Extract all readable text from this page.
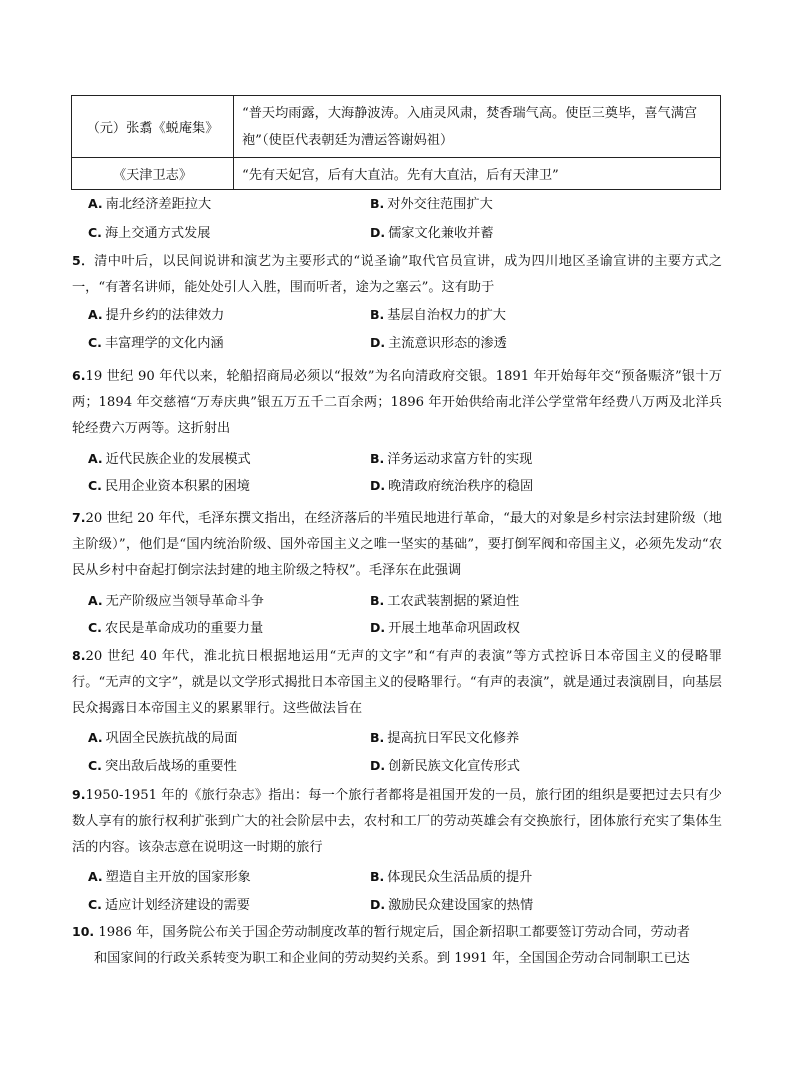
（元）张翥《蜕庵集》	“普天均雨露，大海静波涛。入庙灵风肃，焚香瑞气高。使臣三奠毕，喜气满宫袍”（使臣代表朝廷为漕运答谢妈祖）
《天津卫志》	“先有天妃宫，后有大直沽。先有大直沽，后有天津卫”
A. 南北经济差距拉大	B. 对外交往范围扩大
C. 海上交通方式发展	D. 儒家文化兼收并蓄
5．清中叶后，以民间说讲和演艺为主要形式的“说圣谕”取代官员宣讲，成为四川地区圣谕宣讲的主要方式之一，“有著名讲师，能处处引人入胜，围而听者，途为之塞云”。这有助于
A. 提升乡约的法律效力	B. 基层自治权力的扩大
C. 丰富理学的文化内涵	D. 主流意识形态的渗透
6.19 世纪 90 年代以来，轮船招商局必须以“报效”为名向清政府交银。1891 年开始每年交“预备赈济”银十万两；1894 年交慈禧“万寿庆典”银五万五千二百余两；1896 年开始供给南北洋公学堂常年经费八万两及北洋兵轮经费六万两等。这折射出
A. 近代民族企业的发展模式	B. 洋务运动求富方针的实现
C. 民用企业资本积累的困境	D. 晚清政府统治秩序的稳固
7.20 世纪 20 年代，毛泽东撰文指出，在经济落后的半殖民地进行革命，“最大的对象是乡村宗法封建阶级（地主阶级）”，他们是“国内统治阶级、国外帝国主义之唯一坚实的基础”，要打倒军阀和帝国主义，必须先发动“农民从乡村中奋起打倒宗法封建的地主阶级之特权”。毛泽东在此强调
A. 无产阶级应当领导革命斗争	B. 工农武装割据的紧迫性
C. 农民是革命成功的重要力量	D. 开展土地革命巩固政权
8.20 世纪 40 年代，淮北抗日根据地运用“无声的文字”和“有声的表演”等方式控诉日本帝国主义的侵略罪行。“无声的文字”，就是以文学形式揭批日本帝国主义的侵略罪行。“有声的表演”，就是通过表演剧目，向基层民众揭露日本帝国主义的累累罪行。这些做法旨在
A. 巩固全民族抗战的局面	B. 提高抗日军民文化修养
C. 突出敌后战场的重要性	D. 创新民族文化宣传形式
9.1950-1951 年的《旅行杂志》指出：每一个旅行者都将是祖国开发的一员，旅行团的组织是要把过去只有少数人享有的旅行权利扩张到广大的社会阶层中去，农村和工厂的劳动英雄会有交换旅行，团体旅行充实了集体生活的内容。该杂志意在说明这一时期的旅行
A. 塑造自主开放的国家形象	B. 体现民众生活品质的提升
C. 适应计划经济建设的需要	D. 激励民众建设国家的热情
10. 1986 年，国务院公布关于国企劳动制度改革的暂行规定后，国企新招职工都要签订劳动合同，劳动者
和国家间的行政关系转变为职工和企业间的劳动契约关系。到 1991 年，全国国企劳动合同制职工已达
